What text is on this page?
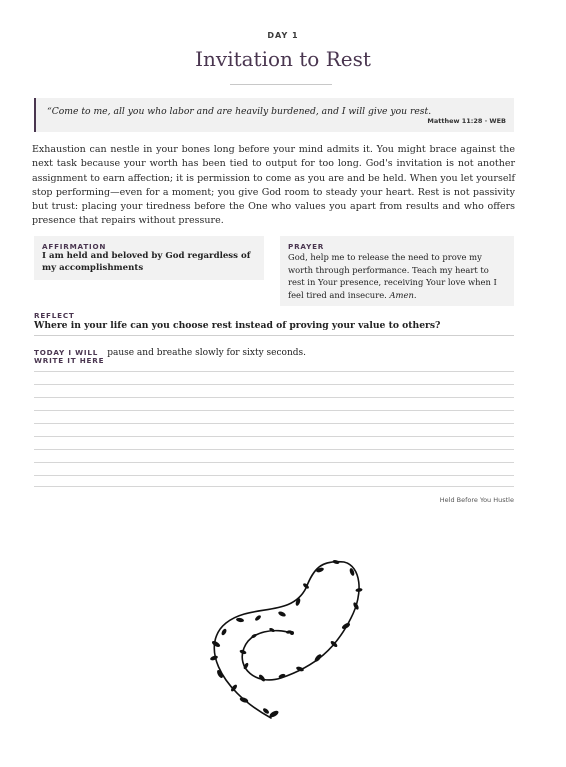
DAY 1
Invitation to Rest
“Come to me, all you who labor and are heavily burdened, and I will give you rest.
Matthew 11:28 · WEB
Exhaustion can nestle in your bones long before your mind admits it. You might brace against the next task because your worth has been tied to output for too long. God's invitation is not another assignment to earn affection; it is permission to come as you are and be held. When you let yourself stop performing—even for a moment; you give God room to steady your heart. Rest is not passivity but trust: placing your tiredness before the One who values you apart from results and who offers presence that repairs without pressure.
AFFIRMATION
I am held and beloved by God regardless of my accomplishments
PRAYER
God, help me to release the need to prove my worth through performance. Teach my heart to rest in Your presence, receiving Your love when I feel tired and insecure. Amen.
REFLECT
Where in your life can you choose rest instead of proving your value to others?
TODAY I WILL pause and breathe slowly for sixty seconds.
WRITE IT HERE
Held Before You Hustle
